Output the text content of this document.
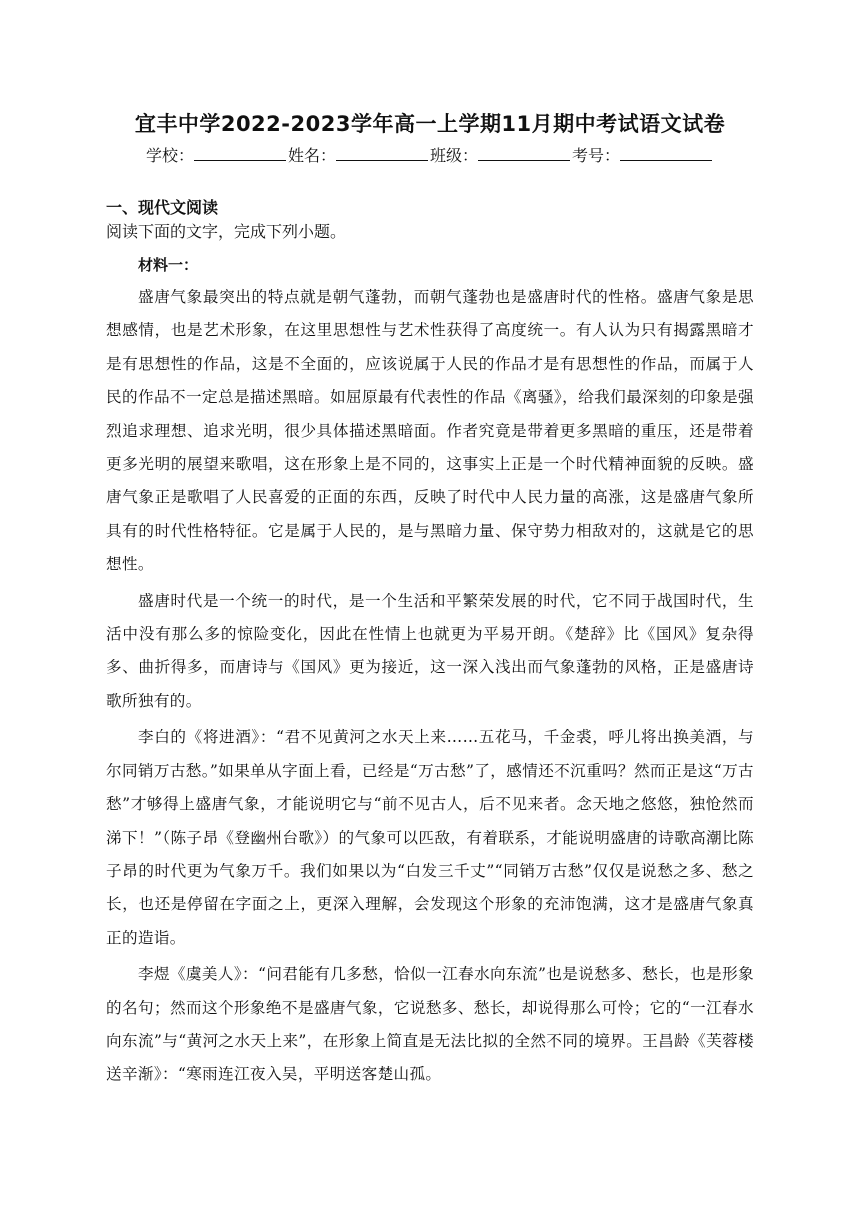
宜丰中学2022-2023学年高一上学期11月期中考试语文试卷
学校：	姓名：	班级：	考号：
一、现代文阅读
阅读下面的文字，完成下列小题。
材料一：

盛唐气象最突出的特点就是朝气蓬勃，而朝气蓬勃也是盛唐时代的性格。盛唐气象是思想感情，也是艺术形象，在这里思想性与艺术性获得了高度统一。有人认为只有揭露黑暗才是有思想性的作品，这是不全面的，应该说属于人民的作品才是有思想性的作品，而属于人民的作品不一定总是描述黑暗。如屈原最有代表性的作品《离骚》，给我们最深刻的印象是强烈追求理想、追求光明，很少具体描述黑暗面。作者究竟是带着更多黑暗的重压，还是带着更多光明的展望来歌唱，这在形象上是不同的，这事实上正是一个时代精神面貌的反映。盛唐气象正是歌唱了人民喜爱的正面的东西，反映了时代中人民力量的高涨，这是盛唐气象所具有的时代性格特征。它是属于人民的，是与黑暗力量、保守势力相敌对的，这就是它的思想性。

盛唐时代是一个统一的时代，是一个生活和平繁荣发展的时代，它不同于战国时代，生活中没有那么多的惊险变化，因此在性情上也就更为平易开朗。《楚辞》比《国风》复杂得多、曲折得多，而唐诗与《国风》更为接近，这一深入浅出而气象蓬勃的风格，正是盛唐诗歌所独有的。

李白的《将进酒》：“君不见黄河之水天上来……五花马，千金裘，呼儿将出换美酒，与尔同销万古愁。”如果单从字面上看，已经是“万古愁”了，感情还不沉重吗？然而正是这“万古愁”才够得上盛唐气象，才能说明它与“前不见古人，后不见来者。念天地之悠悠，独怆然而涕下！”（陈子昂《登幽州台歌》）的气象可以匹敌，有着联系，才能说明盛唐的诗歌高潮比陈子昂的时代更为气象万千。我们如果以为“白发三千丈”“同销万古愁”仅仅是说愁之多、愁之长，也还是停留在字面之上，更深入理解，会发现这个形象的充沛饱满，这才是盛唐气象真正的造诣。

李煜《虞美人》：“问君能有几多愁，恰似一江春水向东流”也是说愁多、愁长，也是形象的名句；然而这个形象绝不是盛唐气象，它说愁多、愁长，却说得那么可怜；它的“一江春水向东流”与“黄河之水天上来”，在形象上简直是无法比拟的全然不同的境界。王昌龄《芙蓉楼送辛渐》：“寒雨连江夜入吴，平明送客楚山孤。
